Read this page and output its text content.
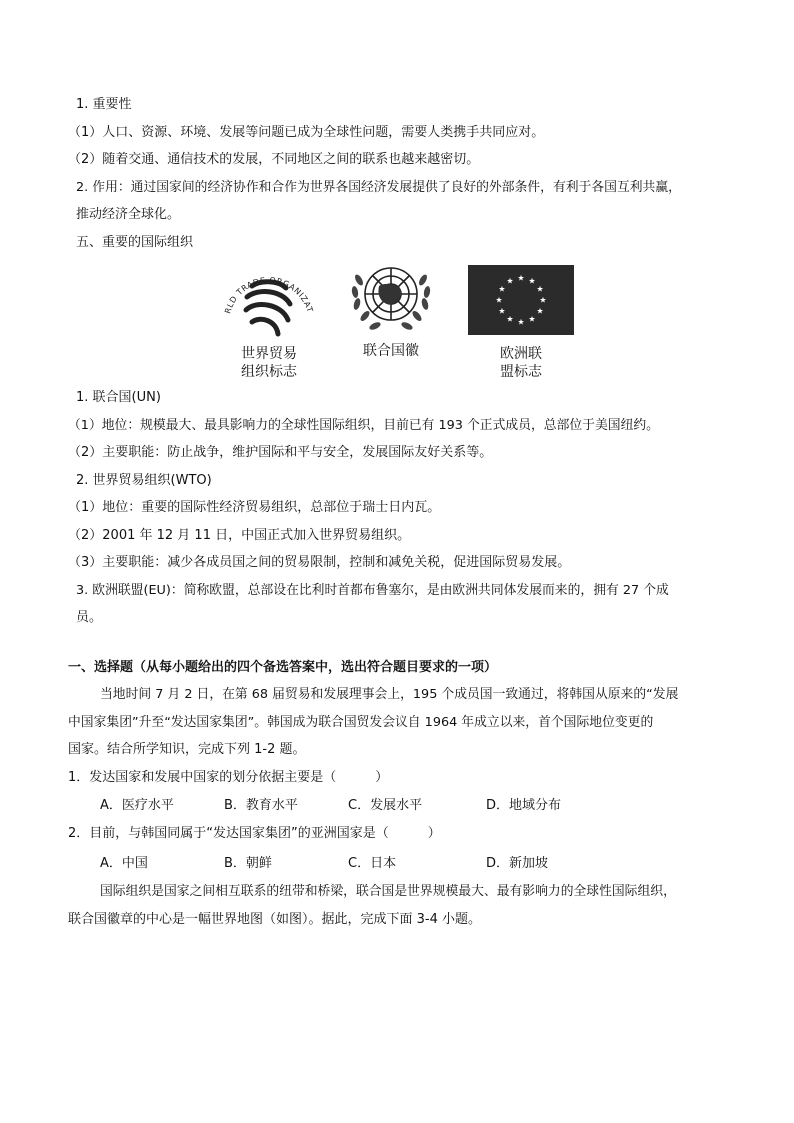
1. 重要性
（1）人口、资源、环境、发展等问题已成为全球性问题，需要人类携手共同应对。
（2）随着交通、通信技术的发展，不同地区之间的联系也越来越密切。
2. 作用：通过国家间的经济协作和合作为世界各国经济发展提供了良好的外部条件，有利于各国互利共赢，
推动经济全球化。
五、重要的国际组织
RLD TRADE ORGANIZAT
世界贸易
组织标志
联合国徽	欧洲联
盟标志
1. 联合国(UN)
（1）地位：规模最大、最具影响力的全球性国际组织，目前已有 193 个正式成员，总部位于美国纽约。
（2）主要职能：防止战争，维护国际和平与安全，发展国际友好关系等。
2. 世界贸易组织(WTO)
（1）地位：重要的国际性经济贸易组织，总部位于瑞士日内瓦。
（2）2001 年 12 月 11 日，中国正式加入世界贸易组织。
（3）主要职能：减少各成员国之间的贸易限制，控制和减免关税，促进国际贸易发展。
3. 欧洲联盟(EU)：简称欧盟，总部设在比利时首都布鲁塞尔，是由欧洲共同体发展而来的，拥有 27 个成
员。
一、选择题（从每小题给出的四个备选答案中，选出符合题目要求的一项）
当地时间 7 月 2 日，在第 68 届贸易和发展理事会上，195 个成员国一致通过，将韩国从原来的“发展
中国家集团”升至“发达国家集团”。韩国成为联合国贸发会议自 1964 年成立以来，首个国际地位变更的
国家。结合所学知识，完成下列 1-2 题。
1．发达国家和发展中国家的划分依据主要是（　　　）
A．医疗水平	B．教育水平	C．发展水平	D．地域分布
2．目前，与韩国同属于“发达国家集团”的亚洲国家是（　　　）
A．中国	B．朝鲜	C．日本	D．新加坡
国际组织是国家之间相互联系的纽带和桥梁，联合国是世界规模最大、最有影响力的全球性国际组织，
联合国徽章的中心是一幅世界地图（如图）。据此，完成下面 3-4 小题。
